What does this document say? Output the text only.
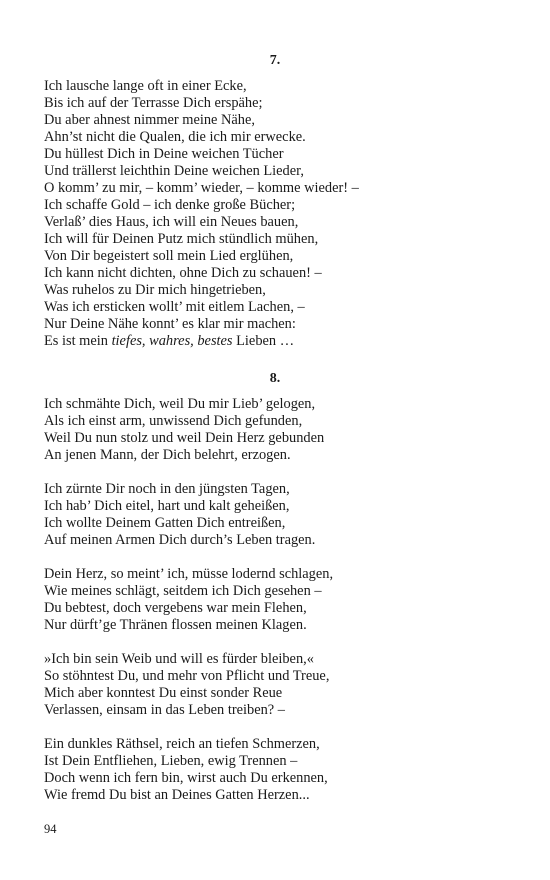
7.
Ich lausche lange oft in einer Ecke,
Bis ich auf der Terrasse Dich erspähe;
Du aber ahnest nimmer meine Nähe,
Ahn’st nicht die Qualen, die ich mir erwecke.
Du hüllest Dich in Deine weichen Tücher
Und trällerst leichthin Deine weichen Lieder,
O komm’ zu mir, – komm’ wieder, – komme wieder! –
Ich schaffe Gold – ich denke große Bücher;
Verlaß’ dies Haus, ich will ein Neues bauen,
Ich will für Deinen Putz mich stündlich mühen,
Von Dir begeistert soll mein Lied erglühen,
Ich kann nicht dichten, ohne Dich zu schauen! –
Was ruhelos zu Dir mich hingetrieben,
Was ich ersticken wollt’ mit eitlem Lachen, –
Nur Deine Nähe konnt’ es klar mir machen:
Es ist mein tiefes, wahres, bestes Lieben …
8.
Ich schmähte Dich, weil Du mir Lieb’ gelogen,
Als ich einst arm, unwissend Dich gefunden,
Weil Du nun stolz und weil Dein Herz gebunden
An jenen Mann, der Dich belehrt, erzogen.
Ich zürnte Dir noch in den jüngsten Tagen,
Ich hab’ Dich eitel, hart und kalt geheißen,
Ich wollte Deinem Gatten Dich entreißen,
Auf meinen Armen Dich durch’s Leben tragen.
Dein Herz, so meint’ ich, müsse lodernd schlagen,
Wie meines schlägt, seitdem ich Dich gesehen –
Du bebtest, doch vergebens war mein Flehen,
Nur dürft’ge Thränen flossen meinen Klagen.
»Ich bin sein Weib und will es fürder bleiben,«
So stöhntest Du, und mehr von Pflicht und Treue,
Mich aber konntest Du einst sonder Reue
Verlassen, einsam in das Leben treiben? –
Ein dunkles Räthsel, reich an tiefen Schmerzen,
Ist Dein Entfliehen, Lieben, ewig Trennen –
Doch wenn ich fern bin, wirst auch Du erkennen,
Wie fremd Du bist an Deines Gatten Herzen...
94
